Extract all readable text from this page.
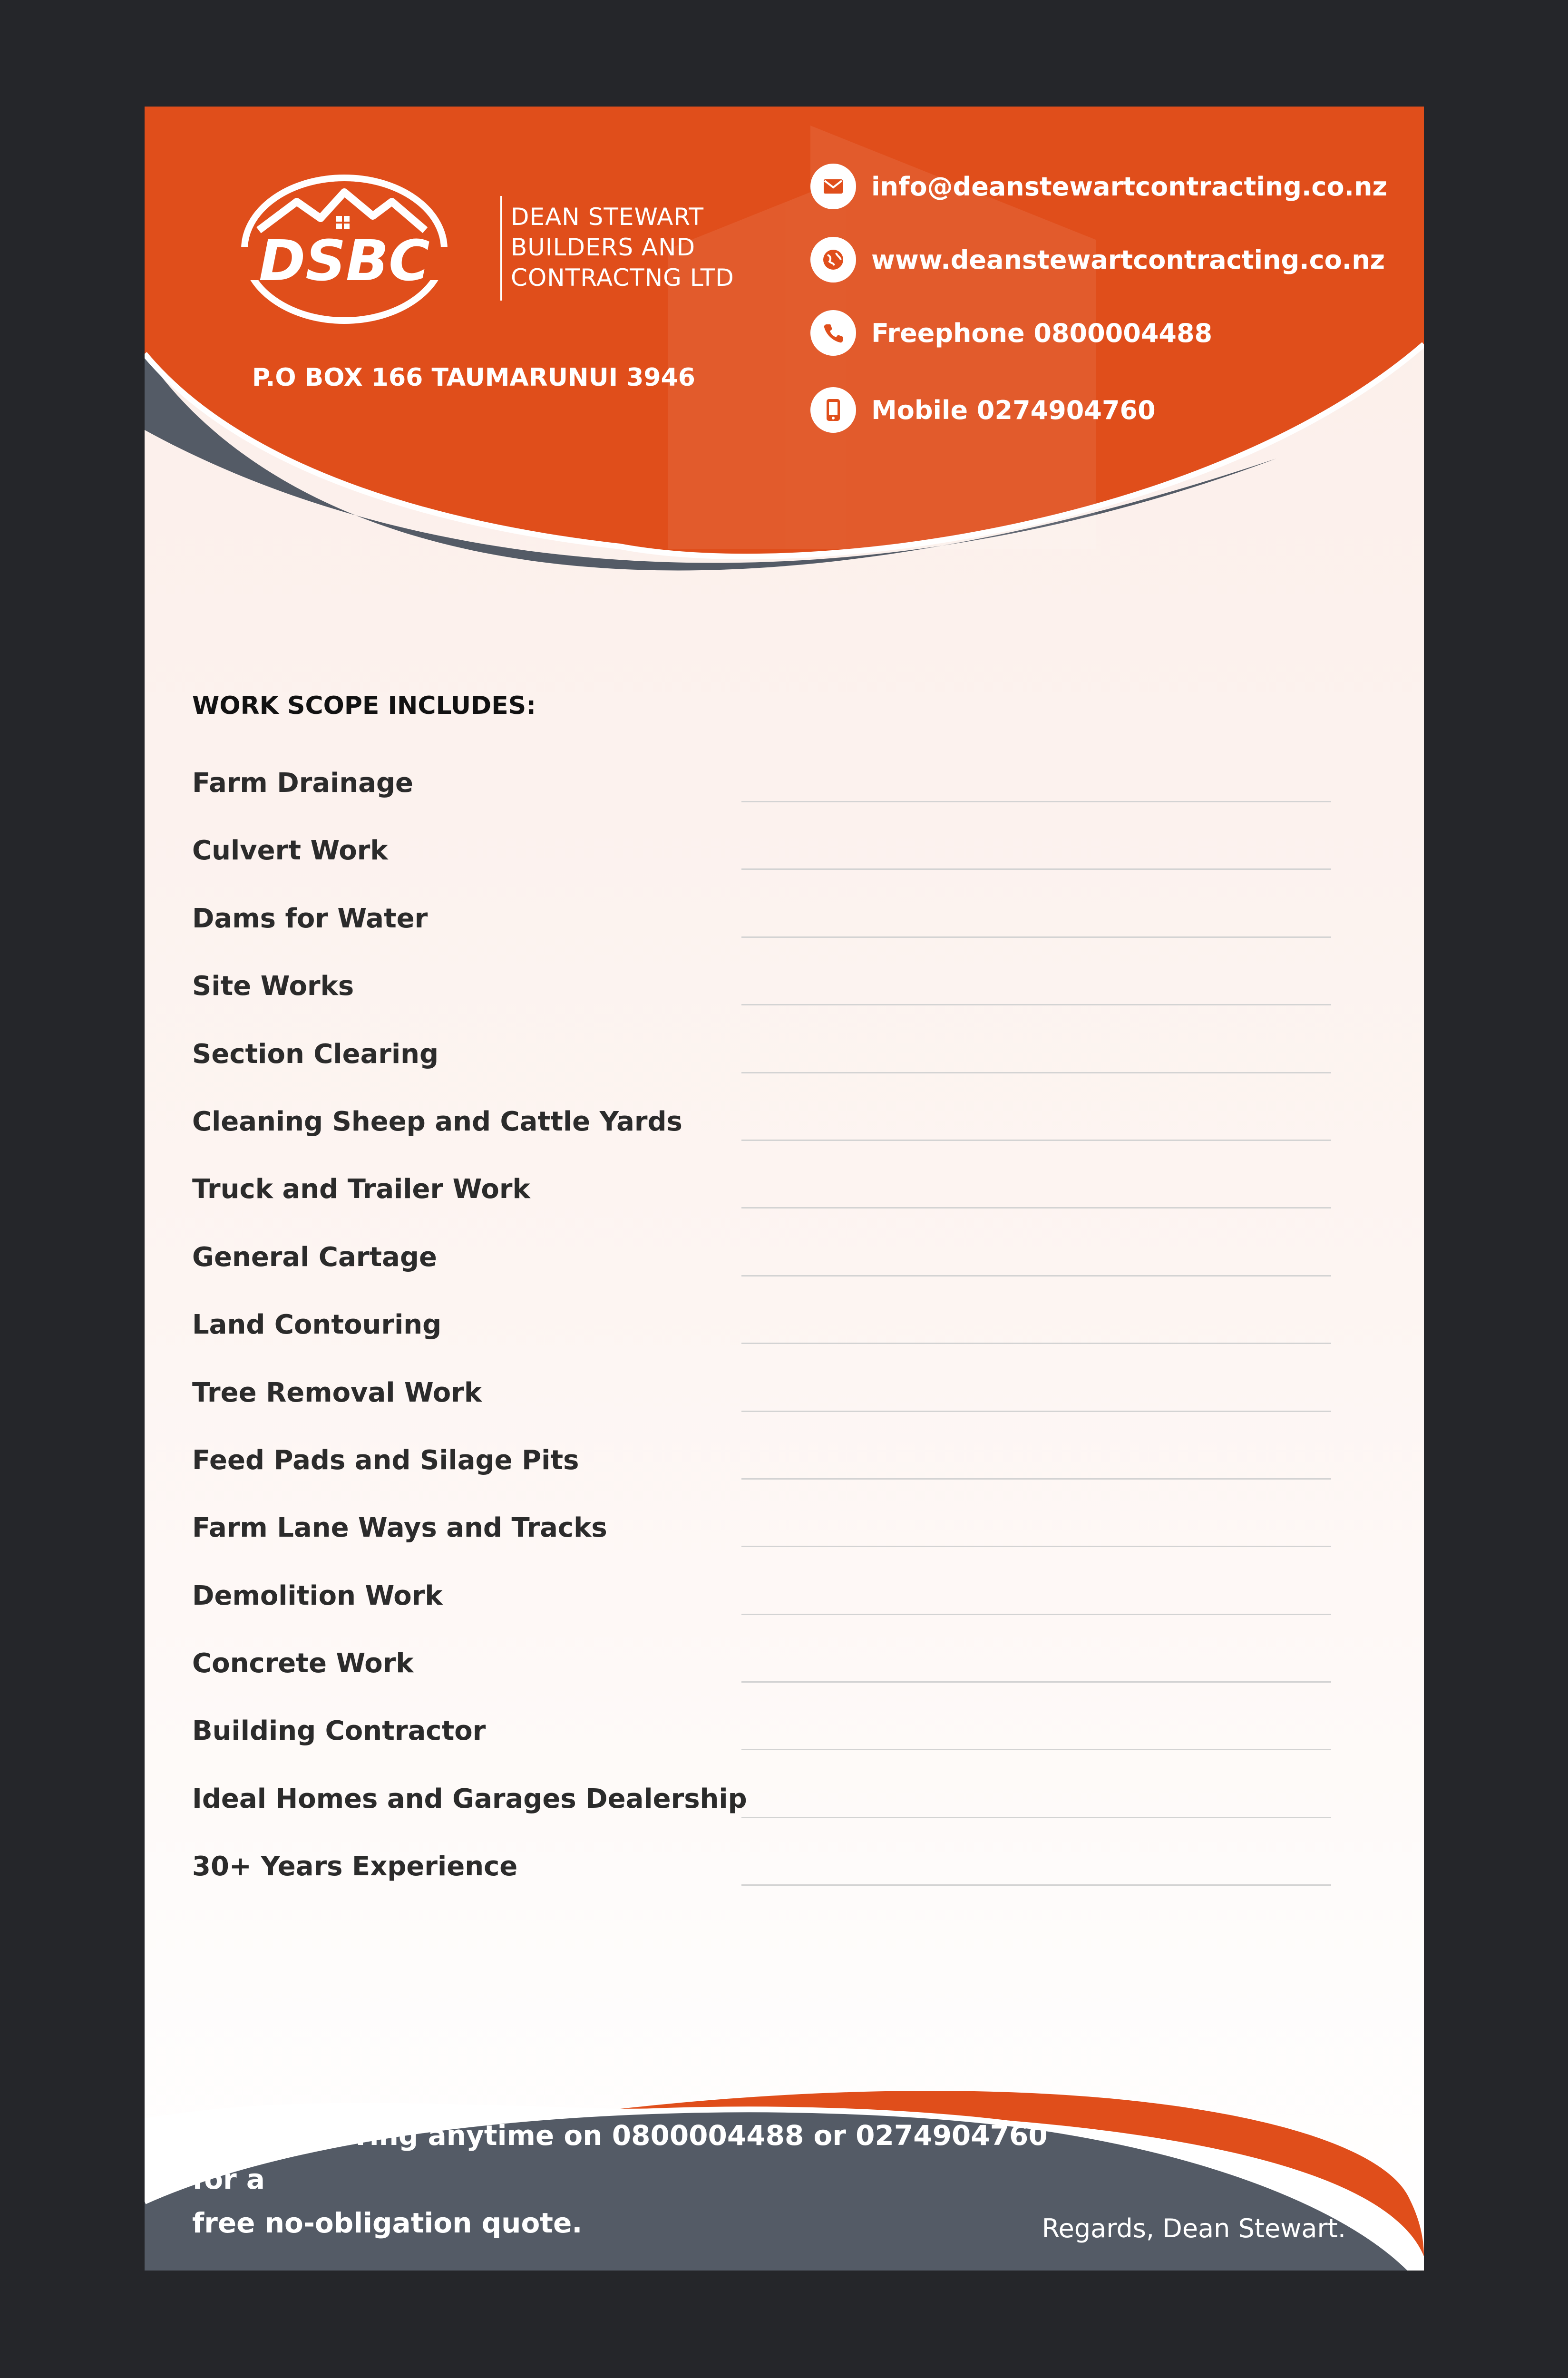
DSBC
DEAN STEWART
BUILDERS AND
CONTRACTNG LTD
P.O BOX 166 TAUMARUNUI 3946
info@deanstewartcontracting.co.nz
www.deanstewartcontracting.co.nz
Freephone 0800004488
Mobile 0274904760
WORK SCOPE INCLUDES:
Farm Drainage
Culvert Work
Dams for Water
Site Works
Section Clearing
Cleaning Sheep and Cattle Yards
Truck and Trailer Work
General Cartage
Land Contouring
Tree Removal Work
Feed Pads and Silage Pits
Farm Lane Ways and Tracks
Demolition Work
Concrete Work
Building Contractor
Ideal Homes and Garages Dealership
30+ Years Experience
Give me a ring anytime on 0800004488 or 0274904760 for a
free no-obligation quote.	Regards, Dean Stewart.
